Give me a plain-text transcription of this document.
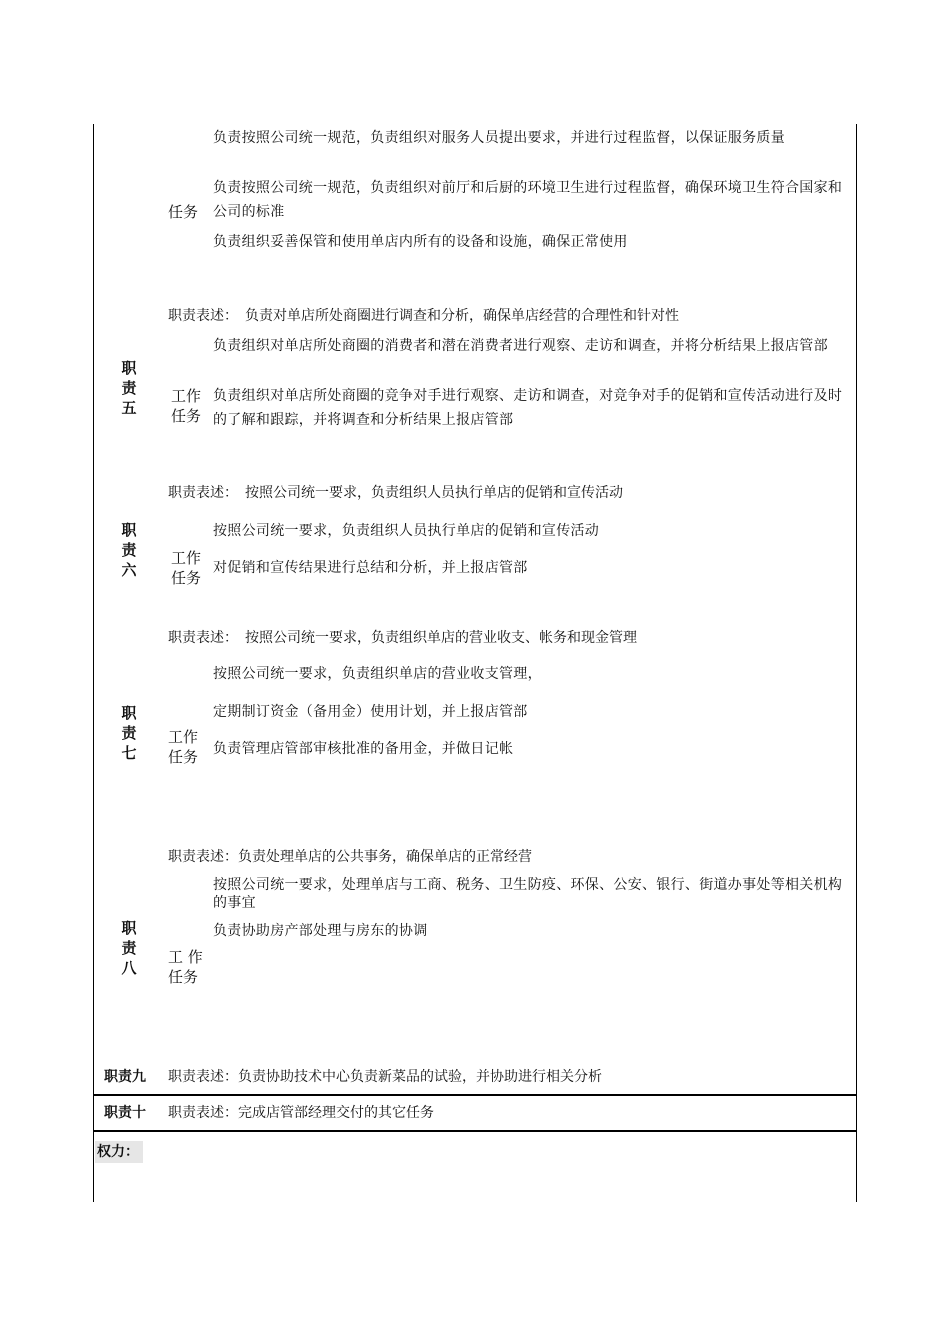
负责按照公司统一规范，负责组织对服务人员提出要求，并进行过程监督，以保证服务质量
负责按照公司统一规范，负责组织对前厅和后厨的环境卫生进行过程监督，确保环境卫生符合国家和公司的标准
负责组织妥善保管和使用单店内所有的设备和设施，确保正常使用
任务
职责表述：　负责对单店所处商圈进行调查和分析，确保单店经营的合理性和针对性
职
责
五
工作
任务
负责组织对单店所处商圈的消费者和潜在消费者进行观察、走访和调查，并将分析结果上报店管部
负责组织对单店所处商圈的竞争对手进行观察、走访和调查，对竞争对手的促销和宣传活动进行及时的了解和跟踪，并将调查和分析结果上报店管部
职责表述：　按照公司统一要求，负责组织人员执行单店的促销和宣传活动
职
责
六
工作
任务
按照公司统一要求，负责组织人员执行单店的促销和宣传活动
对促销和宣传结果进行总结和分析，并上报店管部
职责表述：　按照公司统一要求，负责组织单店的营业收支、帐务和现金管理
职
责
七
工作
任务
按照公司统一要求，负责组织单店的营业收支管理，
定期制订资金（备用金）使用计划，并上报店管部
负责管理店管部审核批准的备用金，并做日记帐
职责表述：负责处理单店的公共事务，确保单店的正常经营
职
责
八
工 作
任务
按照公司统一要求，处理单店与工商、税务、卫生防疫、环保、公安、银行、街道办事处等相关机构的事宜
负责协助房产部处理与房东的协调
职责九 职责表述：负责协助技术中心负责新菜品的试验，并协助进行相关分析
职责十 职责表述：完成店管部经理交付的其它任务
权力：
